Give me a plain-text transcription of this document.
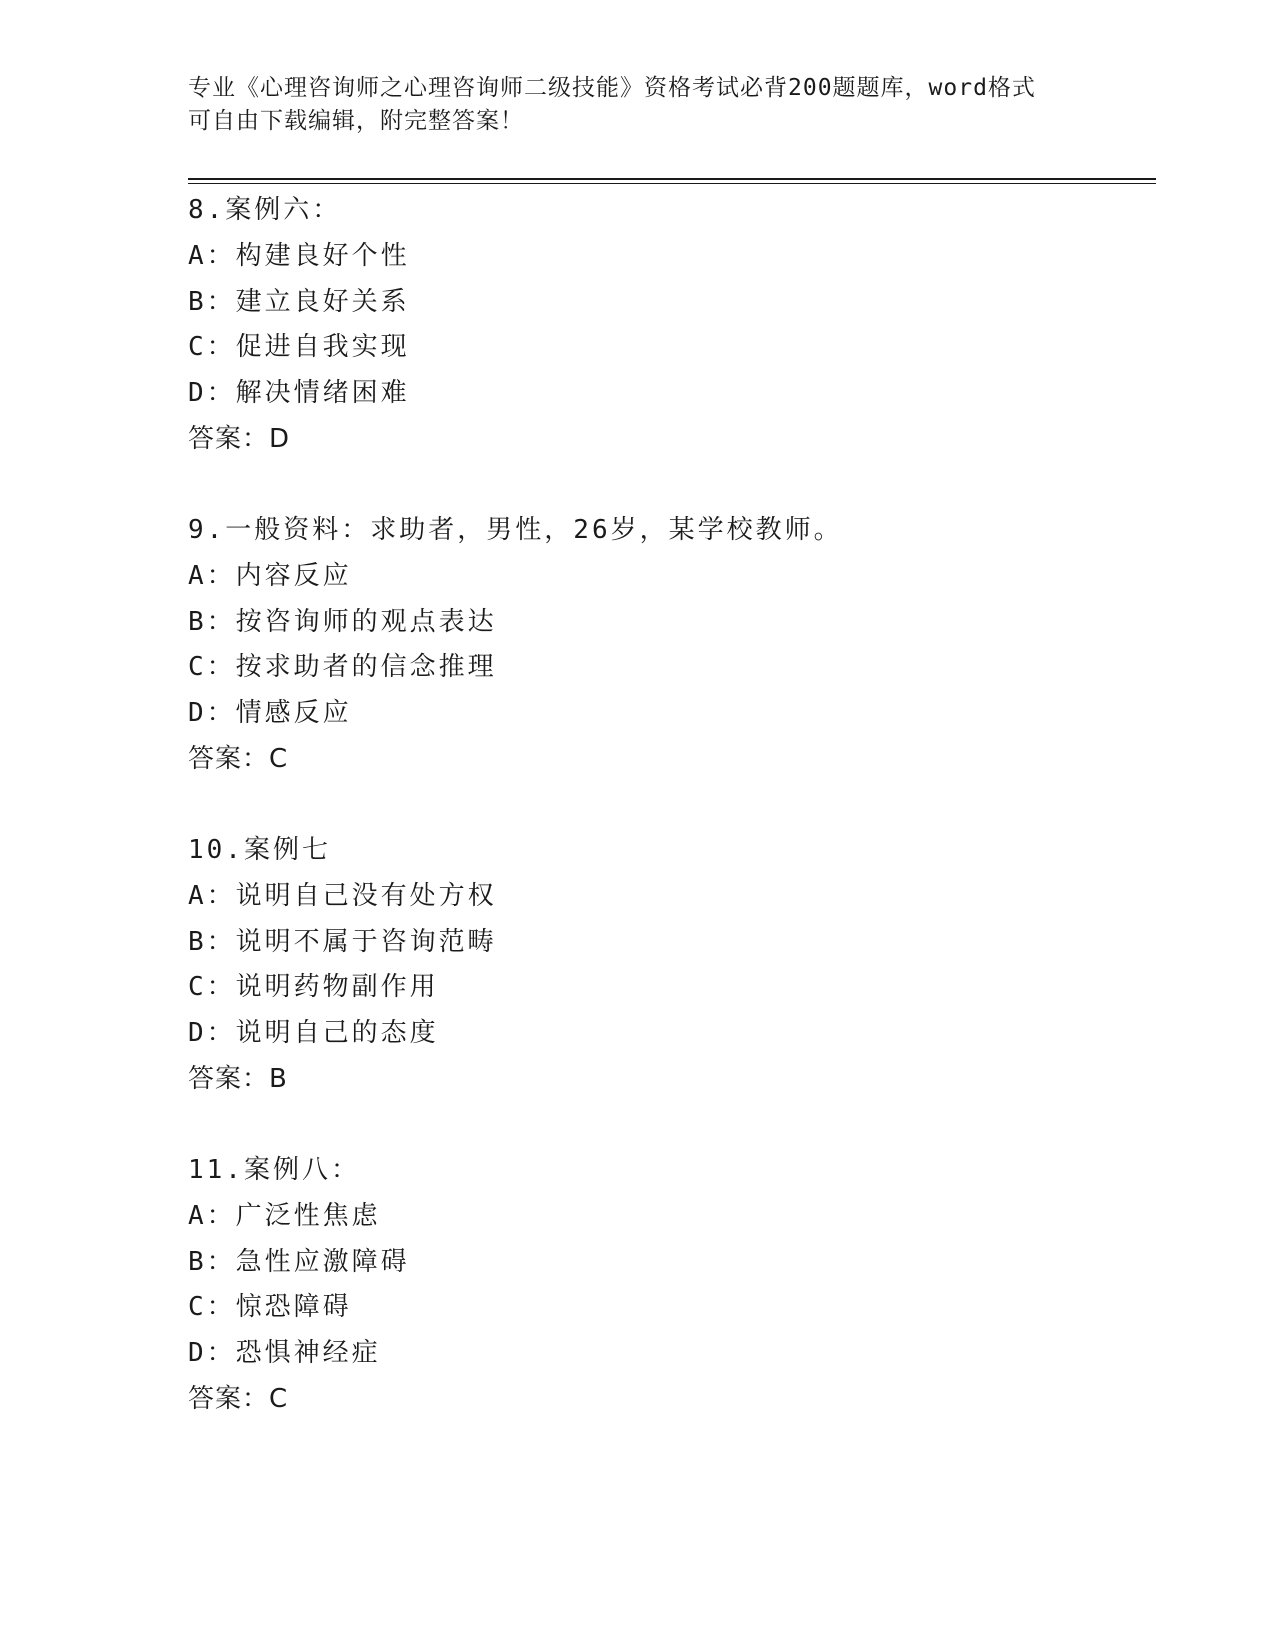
专业《心理咨询师之心理咨询师二级技能》资格考试必背200题题库，word格式
可自由下载编辑，附完整答案！
8.案例六：
A：构建良好个性
B：建立良好关系
C：促进自我实现
D：解决情绪困难
答案：D
9.一般资料：求助者，男性，26岁，某学校教师。
A：内容反应
B：按咨询师的观点表达
C：按求助者的信念推理
D：情感反应
答案：C
10.案例七
A：说明自己没有处方权
B：说明不属于咨询范畴
C：说明药物副作用
D：说明自己的态度
答案：B
11.案例八：
A：广泛性焦虑
B：急性应激障碍
C：惊恐障碍
D：恐惧神经症
答案：C
